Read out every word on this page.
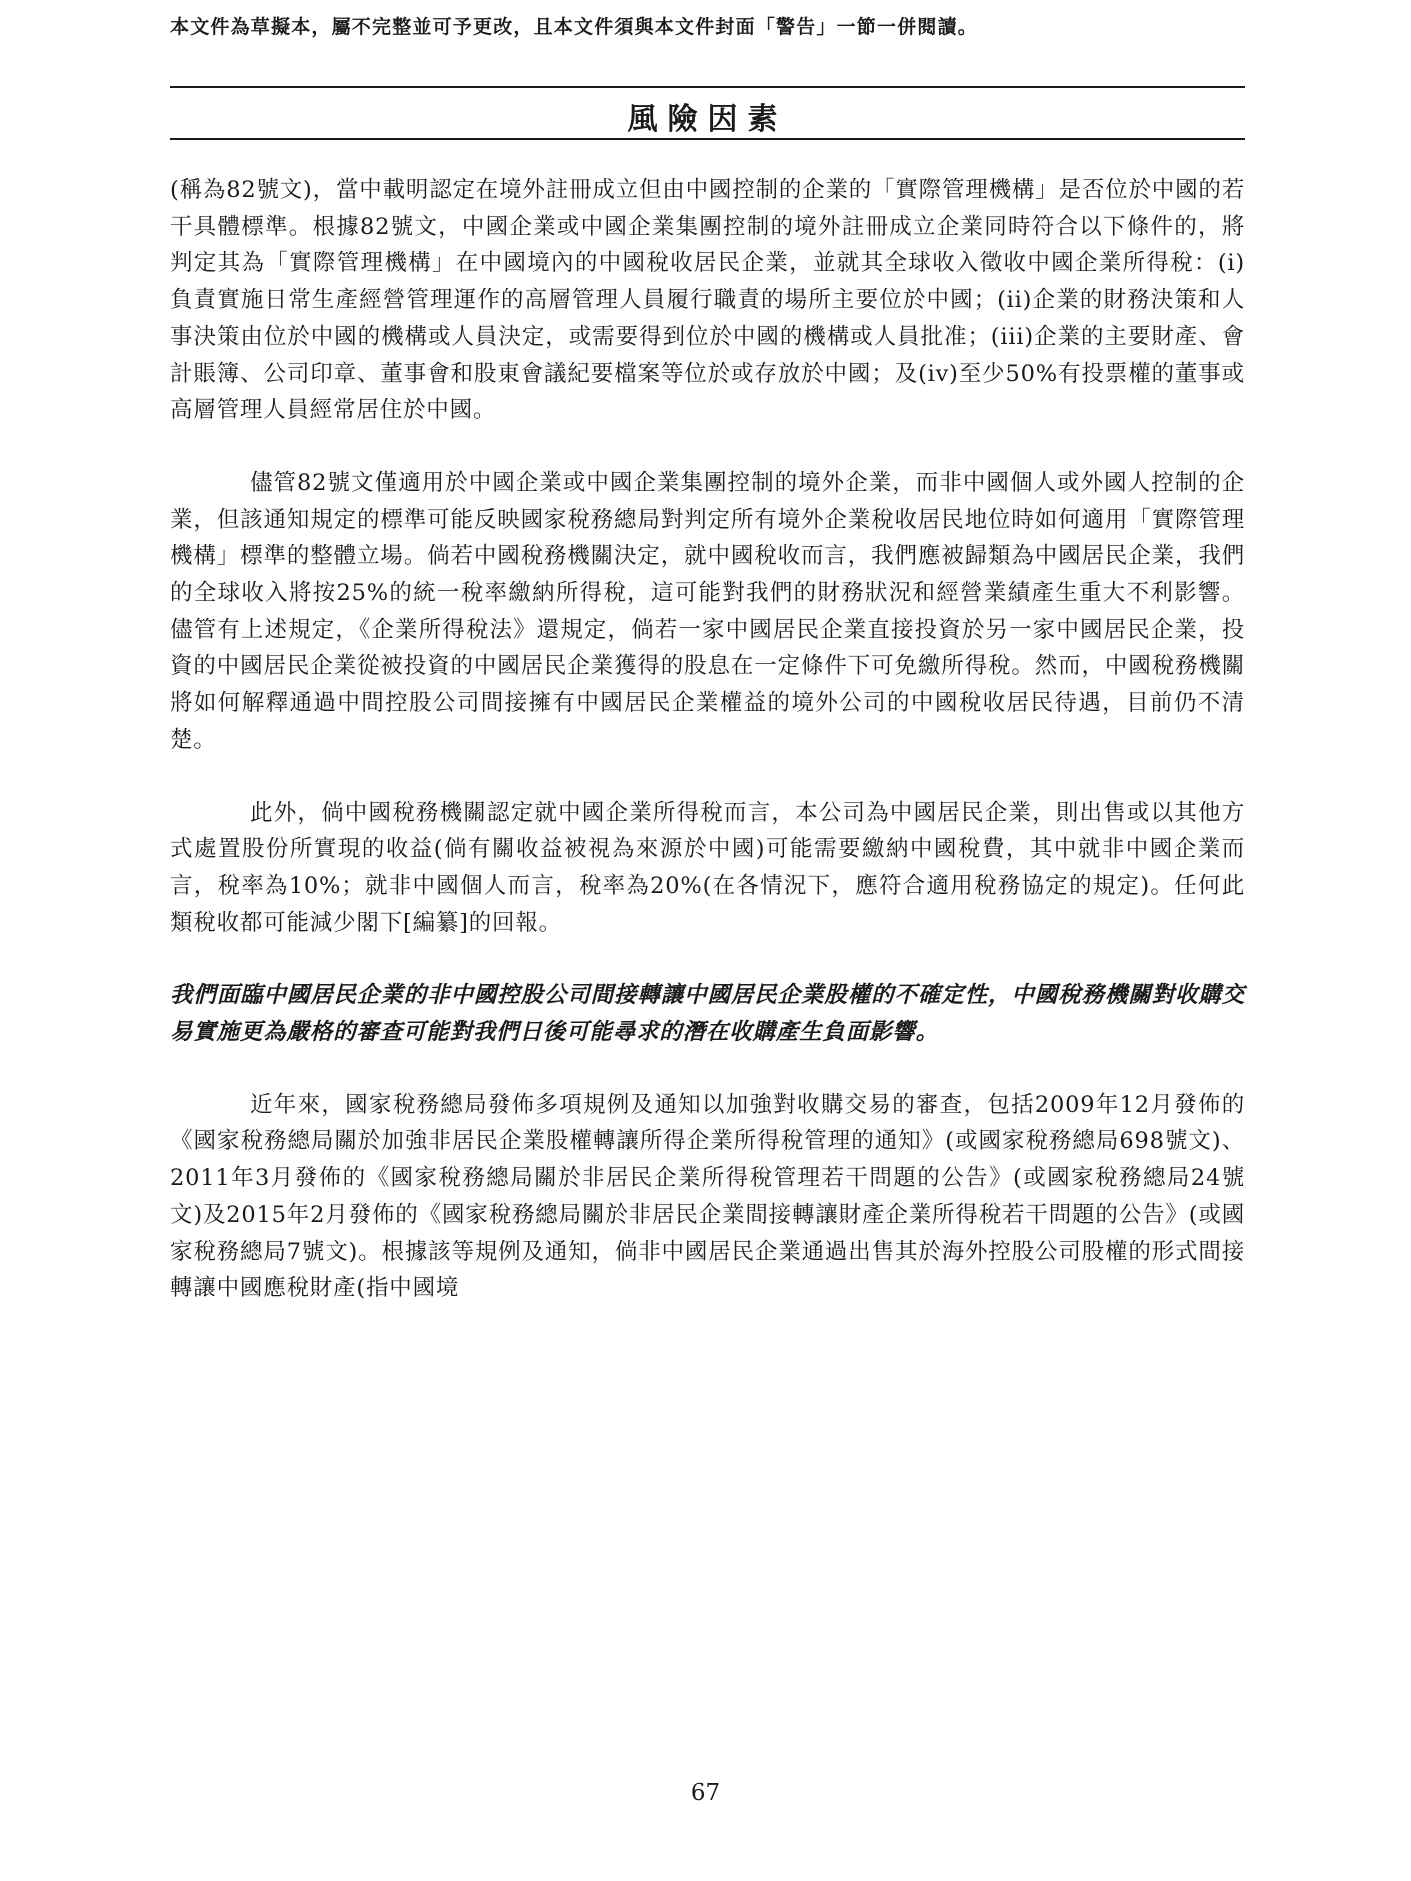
本文件為草擬本，屬不完整並可予更改，且本文件須與本文件封面「警告」一節一併閱讀。
風險因素

(稱為82號文)，當中載明認定在境外註冊成立但由中國控制的企業的「實際管理機構」是否位於中國的若干具體標準。根據82號文，中國企業或中國企業集團控制的境外註冊成立企業同時符合以下條件的，將判定其為「實際管理機構」在中國境內的中國稅收居民企業，並就其全球收入徵收中國企業所得稅：(i)負責實施日常生產經營管理運作的高層管理人員履行職責的場所主要位於中國；(ii)企業的財務決策和人事決策由位於中國的機構或人員決定，或需要得到位於中國的機構或人員批准；(iii)企業的主要財產、會計賬簿、公司印章、董事會和股東會議紀要檔案等位於或存放於中國；及(iv)至少50%有投票權的董事或高層管理人員經常居住於中國。

儘管82號文僅適用於中國企業或中國企業集團控制的境外企業，而非中國個人或外國人控制的企業，但該通知規定的標準可能反映國家稅務總局對判定所有境外企業稅收居民地位時如何適用「實際管理機構」標準的整體立場。倘若中國稅務機關決定，就中國稅收而言，我們應被歸類為中國居民企業，我們的全球收入將按25%的統一稅率繳納所得稅，這可能對我們的財務狀況和經營業績產生重大不利影響。儘管有上述規定，《企業所得稅法》還規定，倘若一家中國居民企業直接投資於另一家中國居民企業，投資的中國居民企業從被投資的中國居民企業獲得的股息在一定條件下可免繳所得稅。然而，中國稅務機關將如何解釋通過中間控股公司間接擁有中國居民企業權益的境外公司的中國稅收居民待遇，目前仍不清楚。

此外，倘中國稅務機關認定就中國企業所得稅而言，本公司為中國居民企業，則出售或以其他方式處置股份所實現的收益(倘有關收益被視為來源於中國)可能需要繳納中國稅費，其中就非中國企業而言，稅率為10%；就非中國個人而言，稅率為20%(在各情況下，應符合適用稅務協定的規定)。任何此類稅收都可能減少閣下[編纂]的回報。

我們面臨中國居民企業的非中國控股公司間接轉讓中國居民企業股權的不確定性，中國稅務機關對收購交易實施更為嚴格的審查可能對我們日後可能尋求的潛在收購產生負面影響。

近年來，國家稅務總局發佈多項規例及通知以加強對收購交易的審查，包括2009年12月發佈的《國家稅務總局關於加強非居民企業股權轉讓所得企業所得稅管理的通知》(或國家稅務總局698號文)、2011年3月發佈的《國家稅務總局關於非居民企業所得稅管理若干問題的公告》(或國家稅務總局24號文)及2015年2月發佈的《國家稅務總局關於非居民企業間接轉讓財產企業所得稅若干問題的公告》(或國家稅務總局7號文)。根據該等規例及通知，倘非中國居民企業通過出售其於海外控股公司股權的形式間接轉讓中國應稅財產(指中國境

67
